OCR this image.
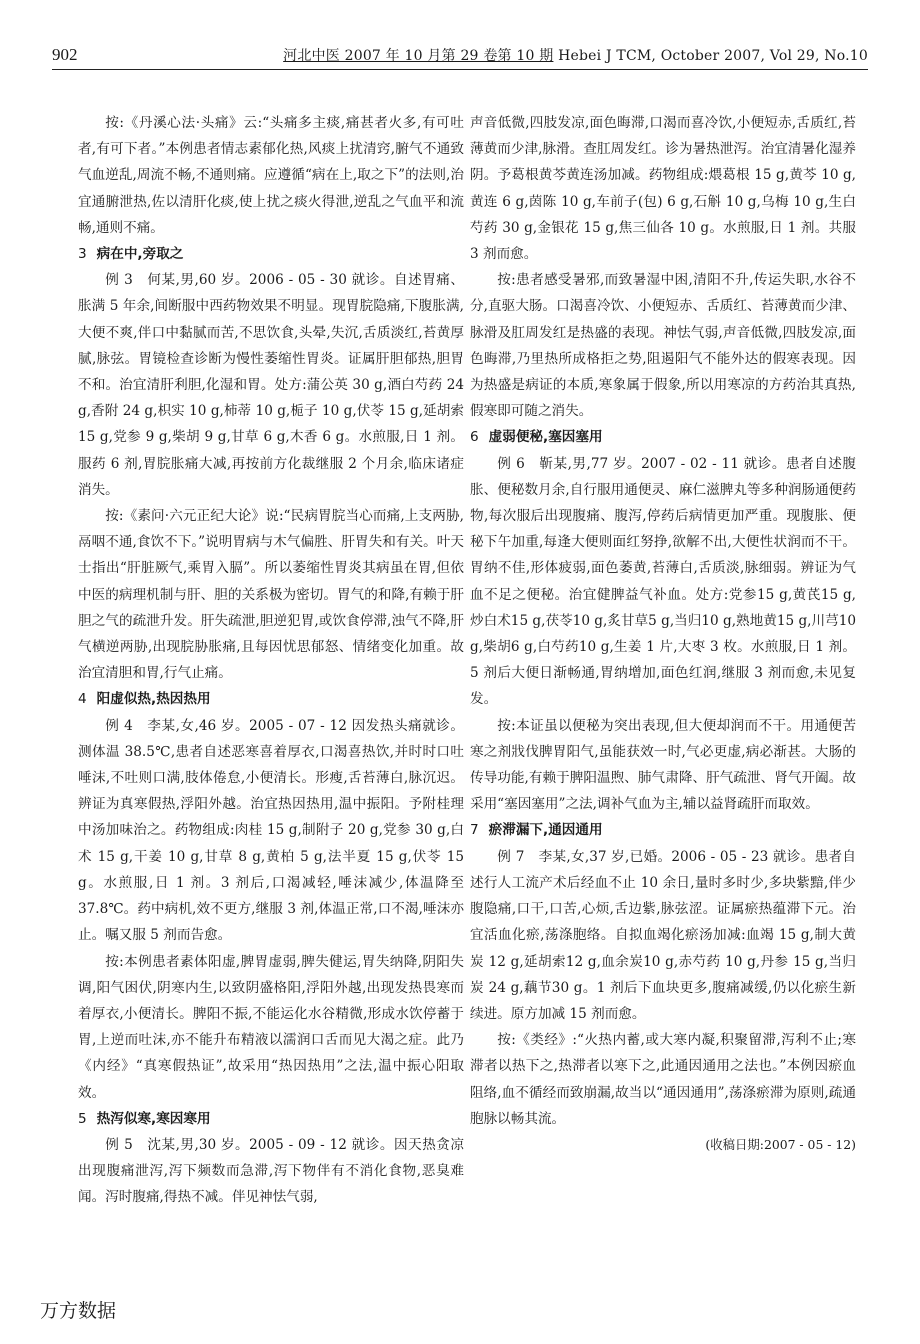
902	河北中医 2007 年 10 月第 29 卷第 10 期 Hebei J TCM, October 2007, Vol 29, No.10

按:《丹溪心法·头痛》云:“头痛多主痰,痛甚者火多,有可吐者,有可下者。”本例患者情志素郁化热,风痰上扰清窍,腑气不通致气血逆乱,周流不畅,不通则痛。应遵循“病在上,取之下”的法则,治宜通腑泄热,佐以清肝化痰,使上扰之痰火得泄,逆乱之气血平和流畅,通则不痛。

3 病在中,旁取之

例 3　何某,男,60 岁。2006 - 05 - 30 就诊。自述胃痛、胀满 5 年余,间断服中西药物效果不明显。现胃脘隐痛,下腹胀满,大便不爽,伴口中黏腻而苦,不思饮食,头晕,失沉,舌质淡红,苔黄厚腻,脉弦。胃镜检查诊断为慢性萎缩性胃炎。证属肝胆郁热,胆胃不和。治宜清肝利胆,化湿和胃。处方:蒲公英 30 g,酒白芍药 24 g,香附 24 g,枳实 10 g,柿蒂 10 g,栀子 10 g,伏苓 15 g,延胡索 15 g,党参 9 g,柴胡 9 g,甘草 6 g,木香 6 g。水煎服,日 1 剂。服药 6 剂,胃脘胀痛大减,再按前方化裁继服 2 个月余,临床诸症消失。

按:《素问·六元正纪大论》说:“民病胃脘当心而痛,上支两胁,鬲咽不通,食饮不下。”说明胃病与木气偏胜、肝胃失和有关。叶天士指出“肝脏厥气,乘胃入膈”。所以萎缩性胃炎其病虽在胃,但依中医的病理机制与肝、胆的关系极为密切。胃气的和降,有赖于肝胆之气的疏泄升发。肝失疏泄,胆逆犯胃,或饮食停滞,浊气不降,肝气横逆两胁,出现脘胁胀痛,且每因忧思郁怒、情绪变化加重。故治宜清胆和胃,行气止痛。

4 阳虚似热,热因热用

例 4　李某,女,46 岁。2005 - 07 - 12 因发热头痛就诊。测体温 38.5℃,患者自述恶寒喜着厚衣,口渴喜热饮,并时时口吐唾沫,不吐则口满,肢体倦怠,小便清长。形瘦,舌苔薄白,脉沉迟。辨证为真寒假热,浮阳外越。治宜热因热用,温中振阳。予附桂理中汤加味治之。药物组成:肉桂 15 g,制附子 20 g,党参 30 g,白术 15 g,干姜 10 g,甘草 8 g,黄柏 5 g,法半夏 15 g,伏苓 15 g。水煎服,日 1 剂。3 剂后,口渴减轻,唾沫减少,体温降至 37.8℃。药中病机,效不更方,继服 3 剂,体温正常,口不渴,唾沫亦止。嘱又服 5 剂而告愈。

按:本例患者素体阳虚,脾胃虚弱,脾失健运,胃失纳降,阴阳失调,阳气困伏,阴寒内生,以致阴盛格阳,浮阳外越,出现发热畏寒而着厚衣,小便清长。脾阳不振,不能运化水谷精微,形成水饮停蓄于胃,上逆而吐沫,亦不能升布精液以濡润口舌而见大渴之症。此乃《内经》“真寒假热证”,故采用“热因热用”之法,温中振心阳取效。

5 热泻似寒,寒因寒用

例 5　沈某,男,30 岁。2005 - 09 - 12 就诊。因天热贪凉出现腹痛泄泻,泻下频数而急滞,泻下物伴有不消化食物,恶臭难闻。泻时腹痛,得热不减。伴见神怯气弱,

声音低微,四肢发凉,面色晦滞,口渴而喜冷饮,小便短赤,舌质红,苔薄黄而少津,脉滑。查肛周发红。诊为暑热泄泻。治宜清暑化湿养阴。予葛根黄芩黄连汤加减。药物组成:煨葛根 15 g,黄芩 10 g,黄连 6 g,茵陈 10 g,车前子(包) 6 g,石斛 10 g,乌梅 10 g,生白芍药 30 g,金银花 15 g,焦三仙各 10 g。水煎服,日 1 剂。共服 3 剂而愈。

按:患者感受暑邪,而致暑湿中困,清阳不升,传运失职,水谷不分,直驱大肠。口渴喜冷饮、小便短赤、舌质红、苔薄黄而少津、脉滑及肛周发红是热盛的表现。神怯气弱,声音低微,四肢发凉,面色晦滞,乃里热所成格拒之势,阻遏阳气不能外达的假寒表现。因为热盛是病证的本质,寒象属于假象,所以用寒凉的方药治其真热,假寒即可随之消失。

6 虚弱便秘,塞因塞用

例 6　靳某,男,77 岁。2007 - 02 - 11 就诊。患者自述腹胀、便秘数月余,自行服用通便灵、麻仁滋脾丸等多种润肠通便药物,每次服后出现腹痛、腹泻,停药后病情更加严重。现腹胀、便秘下午加重,每逢大便则面红努挣,欲解不出,大便性状润而不干。胃纳不佳,形体疲弱,面色萎黄,苔薄白,舌质淡,脉细弱。辨证为气血不足之便秘。治宜健脾益气补血。处方:党参15 g,黄芪15 g,炒白术15 g,茯苓10 g,炙甘草5 g,当归10 g,熟地黄15 g,川芎10 g,柴胡6 g,白芍药10 g,生姜 1 片,大枣 3 枚。水煎服,日 1 剂。5 剂后大便日渐畅通,胃纳增加,面色红润,继服 3 剂而愈,未见复发。

按:本证虽以便秘为突出表现,但大便却润而不干。用通便苦寒之剂戕伐脾胃阳气,虽能获效一时,气必更虚,病必渐甚。大肠的传导功能,有赖于脾阳温煦、肺气肃降、肝气疏泄、肾气开阖。故采用“塞因塞用”之法,调补气血为主,辅以益肾疏肝而取效。

7 瘀滞漏下,通因通用

例 7　李某,女,37 岁,已婚。2006 - 05 - 23 就诊。患者自述行人工流产术后经血不止 10 余日,量时多时少,多块紫黯,伴少腹隐痛,口干,口苦,心烦,舌边紫,脉弦涩。证属瘀热蕴滞下元。治宜活血化瘀,荡涤胞络。自拟血竭化瘀汤加减:血竭 15 g,制大黄炭 12 g,延胡索12 g,血余炭10 g,赤芍药 10 g,丹参 15 g,当归炭 24 g,藕节30 g。1 剂后下血块更多,腹痛减缓,仍以化瘀生新续进。原方加减 15 剂而愈。

按:《类经》:“火热内蓄,或大寒内凝,积聚留滞,泻利不止;寒滞者以热下之,热滞者以寒下之,此通因通用之法也。”本例因瘀血阻络,血不循经而致崩漏,故当以“通因通用”,荡涤瘀滞为原则,疏通胞脉以畅其流。

(收稿日期:2007 - 05 - 12)
万方数据
